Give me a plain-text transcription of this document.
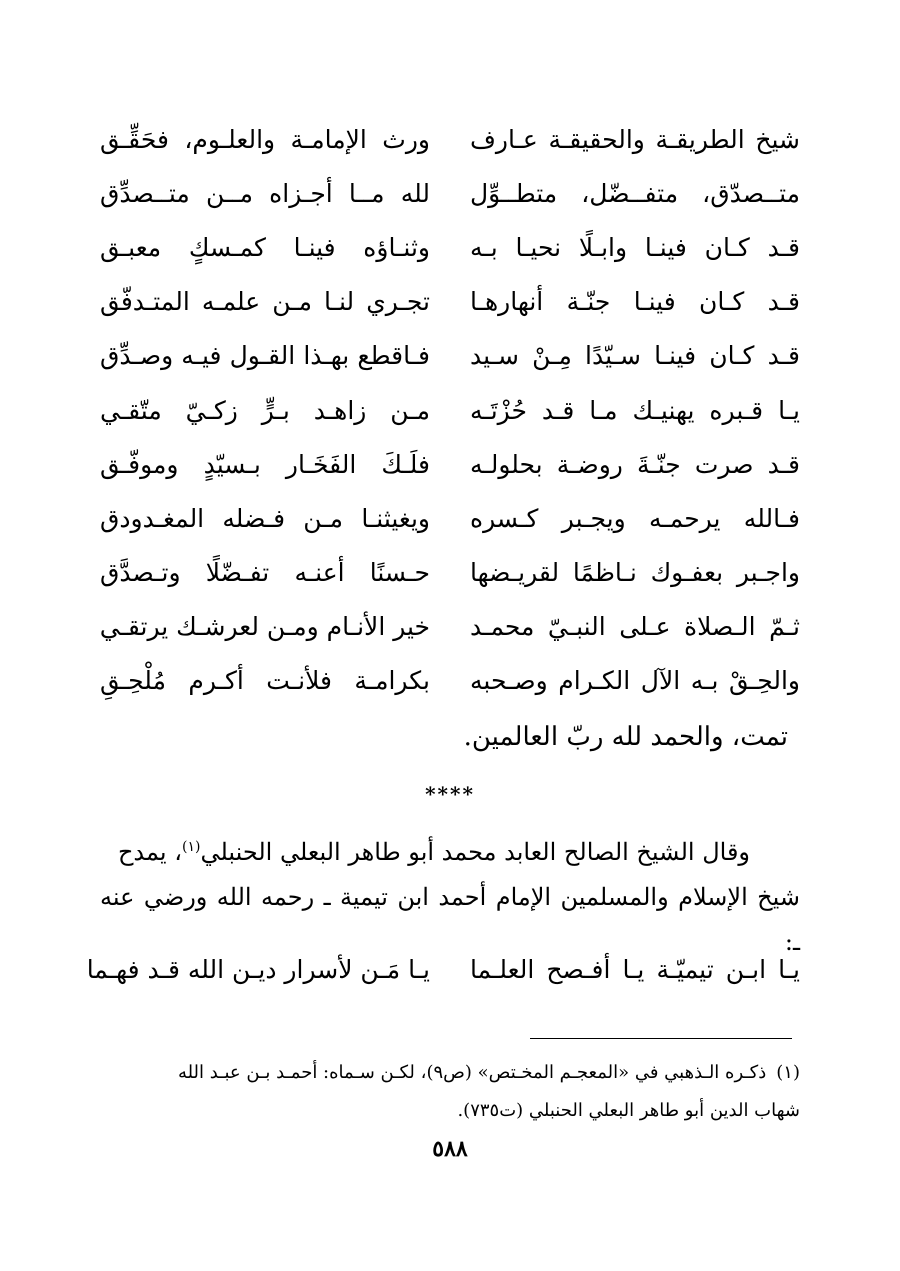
شيخ الطريقـة والحقيقـة عـارف
ورث الإمامـة والعلـوم، فحَقِّـق
متــصدّق، متفــضّل، متطــوِّل
لله مــا أجـزاه مــن متــصدِّق
قـد كـان فينـا وابـلًا نحيـا بـه
وثنـاؤه فينـا كمـسكٍ معبـق
قـد كـان فينـا جنّـة أنهارهـا
تجـري لنـا مـن علمـه المتـدفّق
قـد كـان فينـا سـيّدًا مِـنْ سـيد
فـاقطع بهـذا القـول فيـه وصـدِّق
يـا قـبره يهنيـك مـا قـد حُزْتَـه
مـن زاهـد بـرٍّ زكـيّ متّقـي
قـد صرت جنّـةَ روضـة بحلولـه
فلَـكَ الفَخَـار بـسيّدٍ وموفّـق
فـالله يرحمـه ويجـبر كـسره
ويغيثنـا مـن فـضله المغـدودق
واجـبر بعفـوك نـاظمًا لقريـضها
حـسنًا أعنـه تفـضّلًا وتـصدَّق
ثـمّ الـصلاة عـلى النبـيّ محمـد
خير الأنـام ومـن لعرشـك يرتقـي
والحِـقْ بـه الآل الكـرام وصـحبه
بكرامـة فلأنـت أكـرم مُلْحِـقِ
تمت، والحمد لله ربّ العالمين.
****
وقال الشيخ الصالح العابد محمد أبو طاهر البعلي الحنبلي$^{(١)}$، يمدح
شيخ الإسلام والمسلمين الإمام أحمد ابن تيمية ـ رحمه الله ورضي عنه ـ:
يـا ابـن تيميّـة يـا أفـصح العلـما
يـا مَـن لأسرار ديـن الله قـد فهـما
(١)ذكـره الـذهبي في «المعجـم المخـتص» (ص٩)، لكـن سـماه: أحمـد بـن عبـد الله
شهاب الدين أبو طاهر البعلي الحنبلي (ت٧٣٥).
٥٨٨
